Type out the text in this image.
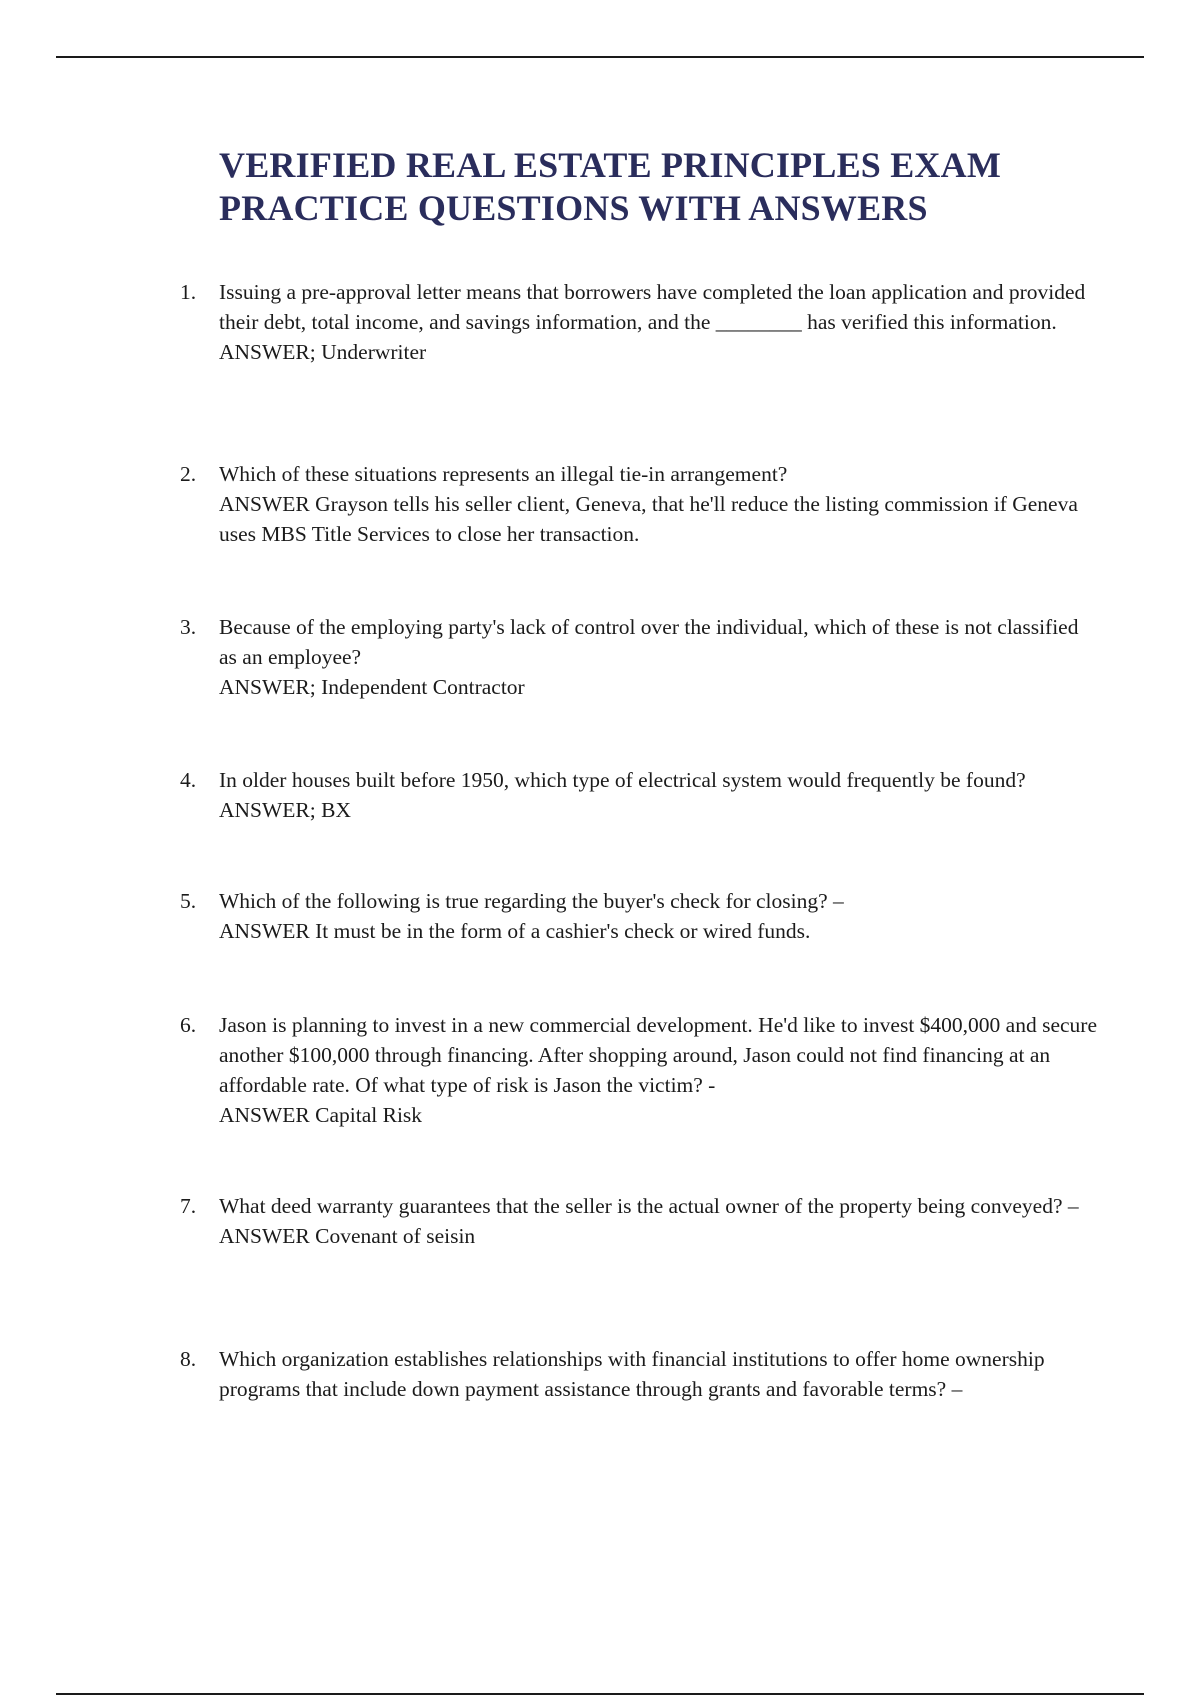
VERIFIED REAL ESTATE PRINCIPLES EXAM
PRACTICE QUESTIONS WITH ANSWERS
1.	Issuing a pre-approval letter means that borrowers have completed the loan application and provided their debt, total income, and savings information, and the ________ has verified this information.
ANSWER; Underwriter
2.	Which of these situations represents an illegal tie-in arrangement?
ANSWER Grayson tells his seller client, Geneva, that he'll reduce the listing commission if Geneva uses MBS Title Services to close her transaction.
3.	Because of the employing party's lack of control over the individual, which of these is not classified as an employee?
ANSWER; Independent Contractor
4.	In older houses built before 1950, which type of electrical system would frequently be found? ANSWER; BX
5.	Which of the following is true regarding the buyer's check for closing? –
ANSWER It must be in the form of a cashier's check or wired funds.
6.	Jason is planning to invest in a new commercial development. He'd like to invest $400,000 and secure another $100,000 through financing. After shopping around, Jason could not find financing at an affordable rate. Of what type of risk is Jason the victim? -
ANSWER Capital Risk
7.	What deed warranty guarantees that the seller is the actual owner of the property being conveyed? –
ANSWER Covenant of seisin
8.	Which organization establishes relationships with financial institutions to offer home ownership programs that include down payment assistance through grants and favorable terms? –
